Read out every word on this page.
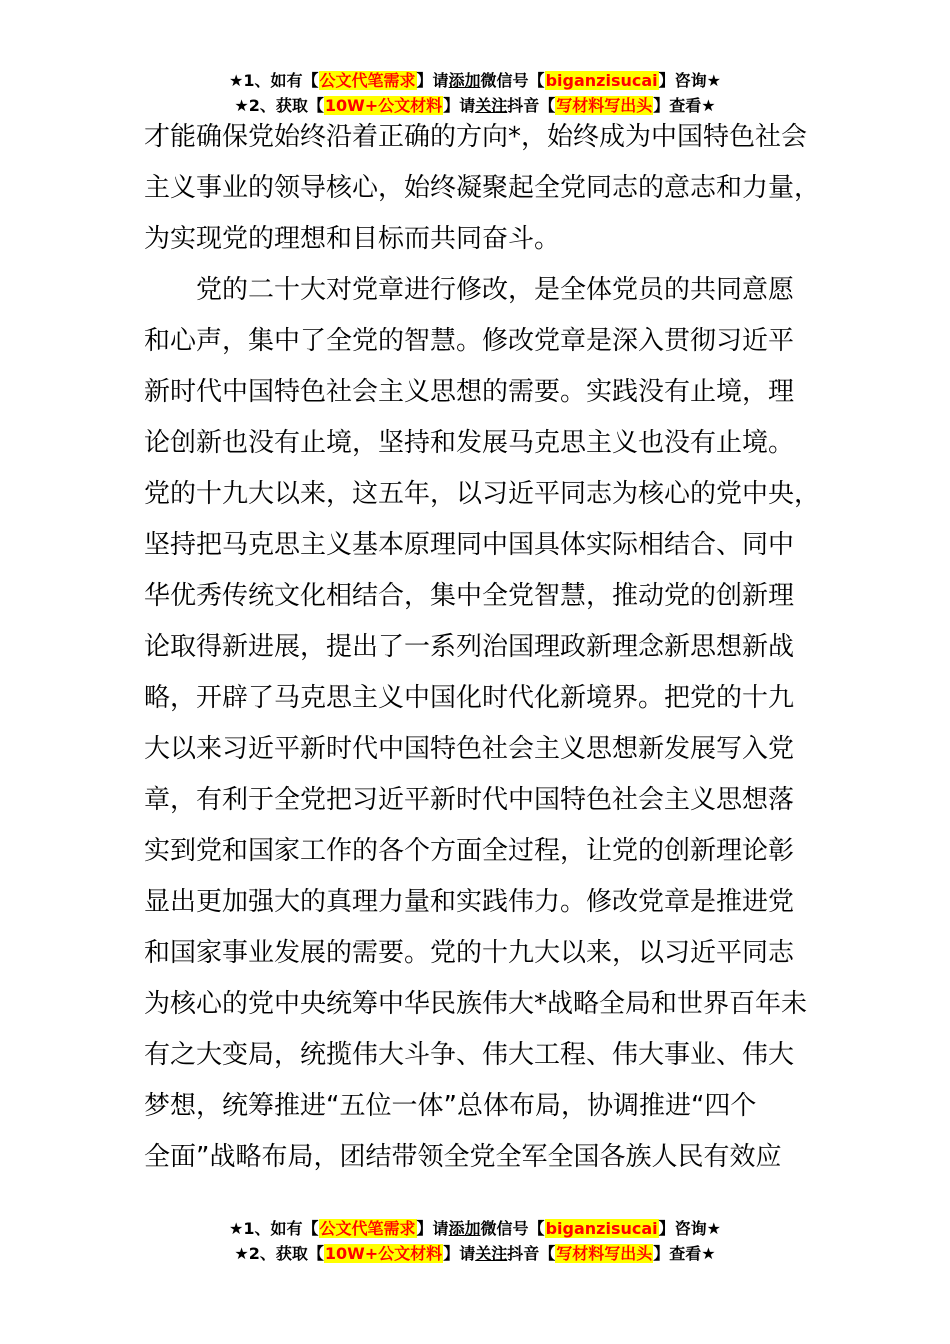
★1、如有【公文代笔需求】请添加微信号【biganzisucai】咨询★
★2、获取【10W+公文材料】请关注抖音【写材料写出头】查看★
才能确保党始终沿着正确的方向*，始终成为中国特色社会
主义事业的领导核心，始终凝聚起全党同志的意志和力量，
为实现党的理想和目标而共同奋斗。
党的二十大对党章进行修改，是全体党员的共同意愿
和心声，集中了全党的智慧。修改党章是深入贯彻习近平
新时代中国特色社会主义思想的需要。实践没有止境，理
论创新也没有止境，坚持和发展马克思主义也没有止境。
党的十九大以来，这五年，以习近平同志为核心的党中央，
坚持把马克思主义基本原理同中国具体实际相结合、同中
华优秀传统文化相结合，集中全党智慧，推动党的创新理
论取得新进展，提出了一系列治国理政新理念新思想新战
略，开辟了马克思主义中国化时代化新境界。把党的十九
大以来习近平新时代中国特色社会主义思想新发展写入党
章，有利于全党把习近平新时代中国特色社会主义思想落
实到党和国家工作的各个方面全过程，让党的创新理论彰
显出更加强大的真理力量和实践伟力。修改党章是推进党
和国家事业发展的需要。党的十九大以来，以习近平同志
为核心的党中央统筹中华民族伟大*战略全局和世界百年未
有之大变局，统揽伟大斗争、伟大工程、伟大事业、伟大
梦想，统筹推进“五位一体”总体布局，协调推进“四个
全面”战略布局，团结带领全党全军全国各族人民有效应
★1、如有【公文代笔需求】请添加微信号【biganzisucai】咨询★
★2、获取【10W+公文材料】请关注抖音【写材料写出头】查看★
